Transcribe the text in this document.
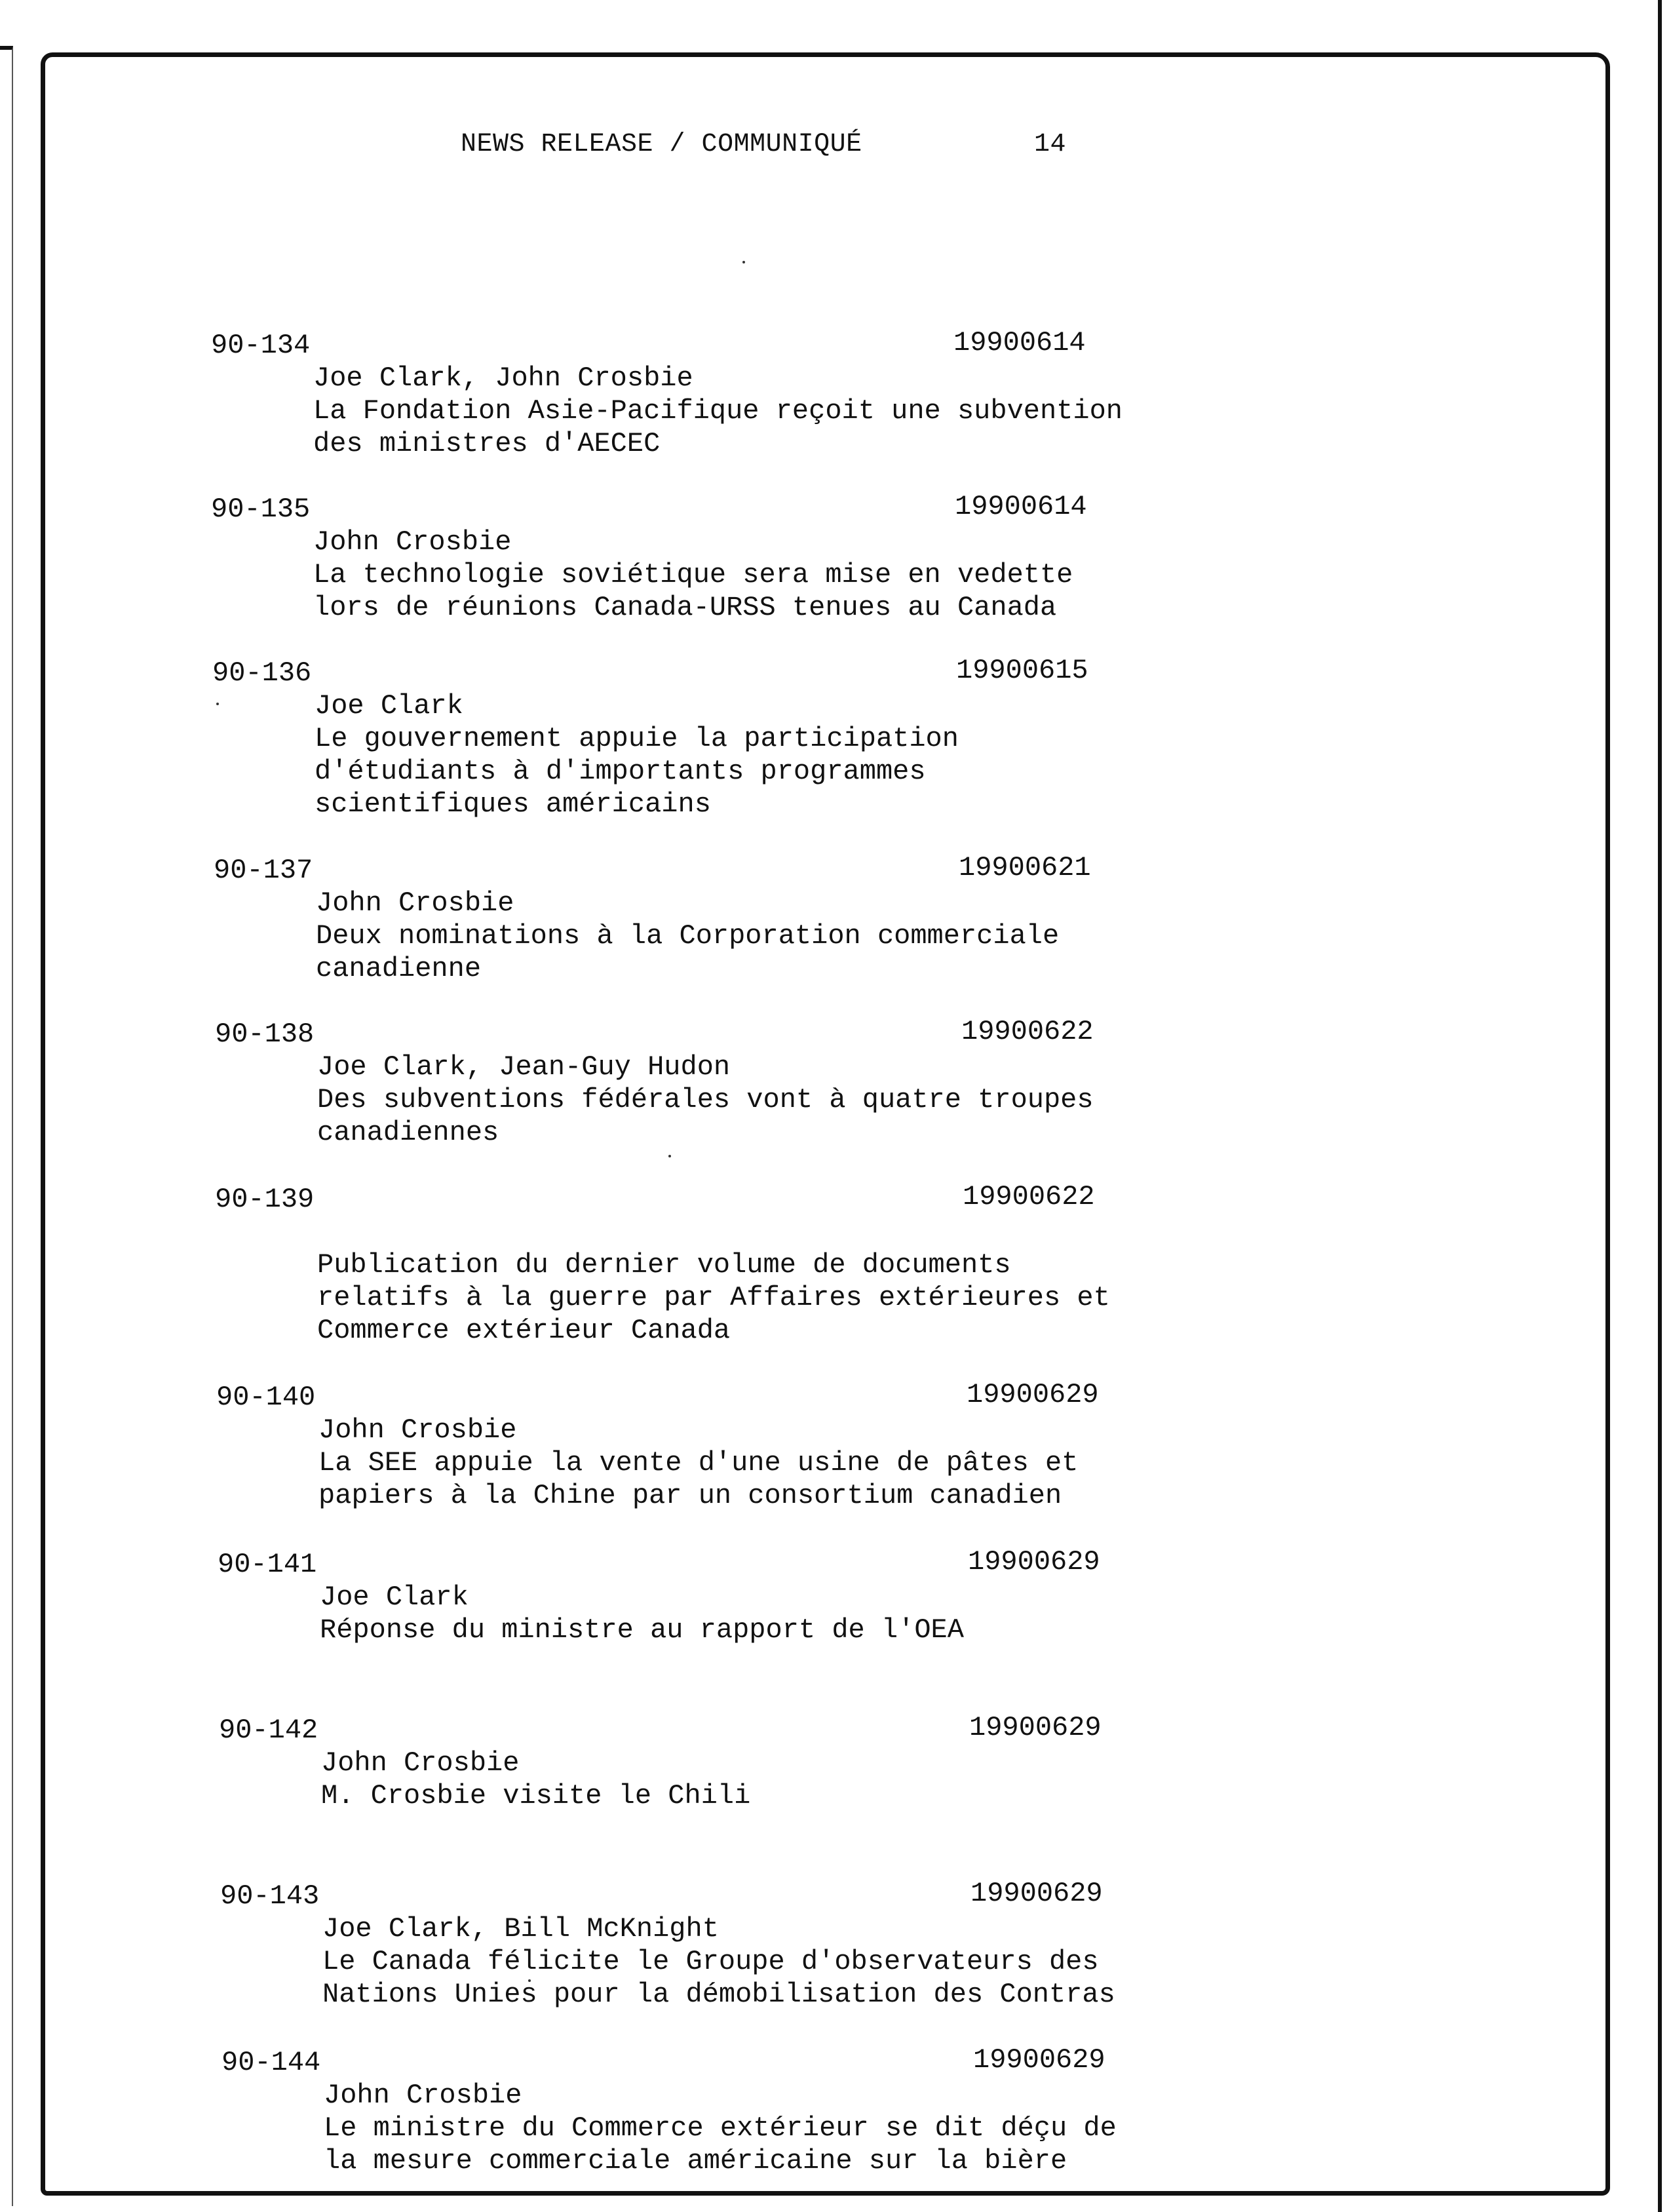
NEWS RELEASE / COMMUNIQUÉ	14
90-134	19900614
Joe Clark, John Crosbie
La Fondation Asie-Pacifique reçoit une subvention
des ministres d'AECEC
90-135	19900614
John Crosbie
La technologie soviétique sera mise en vedette
lors de réunions Canada-URSS tenues au Canada
90-136	19900615
Joe Clark
Le gouvernement appuie la participation
d'étudiants à d'importants programmes
scientifiques américains
90-137	19900621
John Crosbie
Deux nominations à la Corporation commerciale
canadienne
90-138	19900622
Joe Clark, Jean-Guy Hudon
Des subventions fédérales vont à quatre troupes
canadiennes
90-139	19900622
Publication du dernier volume de documents
relatifs à la guerre par Affaires extérieures et
Commerce extérieur Canada
90-140	19900629
John Crosbie
La SEE appuie la vente d'une usine de pâtes et
papiers à la Chine par un consortium canadien
90-141	19900629
Joe Clark
Réponse du ministre au rapport de l'OEA
90-142	19900629
John Crosbie
M. Crosbie visite le Chili
90-143	19900629
Joe Clark, Bill McKnight
Le Canada félicite le Groupe d'observateurs des
Nations Unies pour la démobilisation des Contras
90-144	19900629
John Crosbie
Le ministre du Commerce extérieur se dit déçu de
la mesure commerciale américaine sur la bière
